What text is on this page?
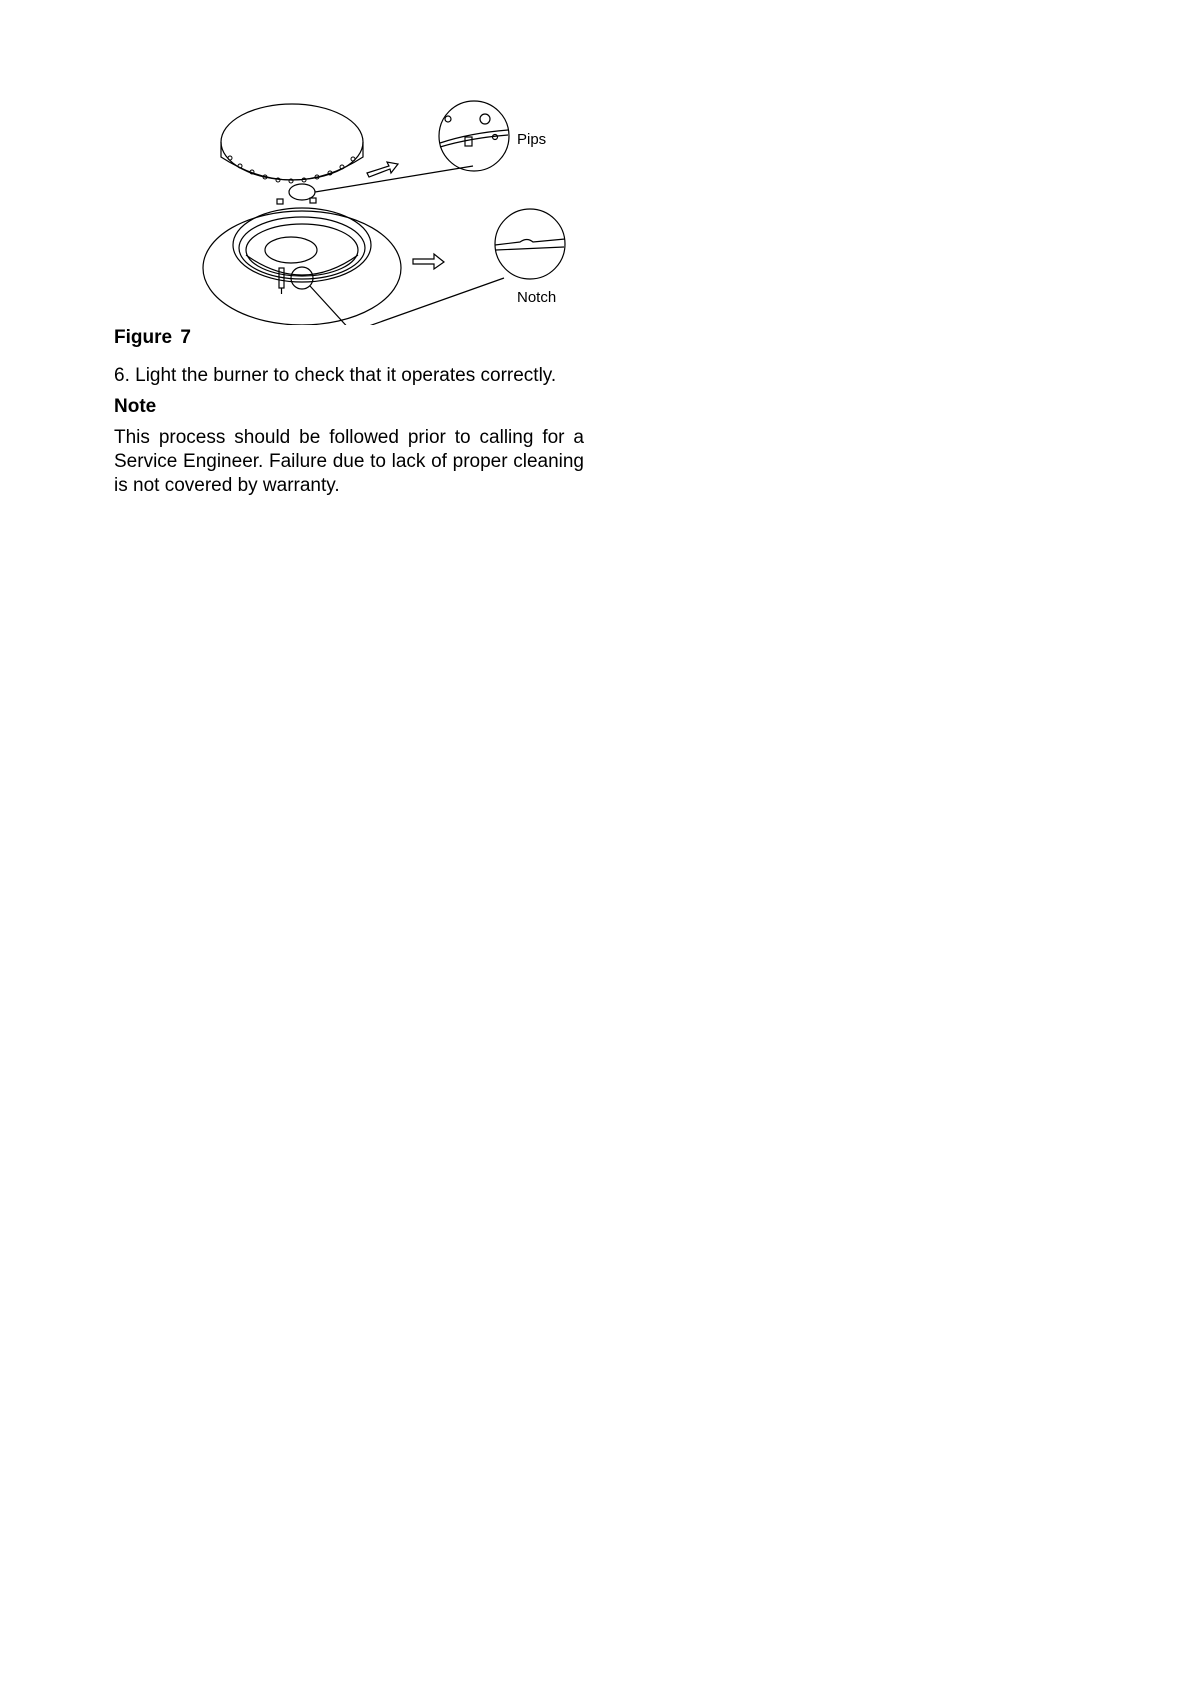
Pips
Notch
Figure 7
6. Light the burner to check that it operates correctly.
Note
This process should be followed prior to calling for a Service Engineer. Failure due to lack of proper cleaning is not covered by warranty.
